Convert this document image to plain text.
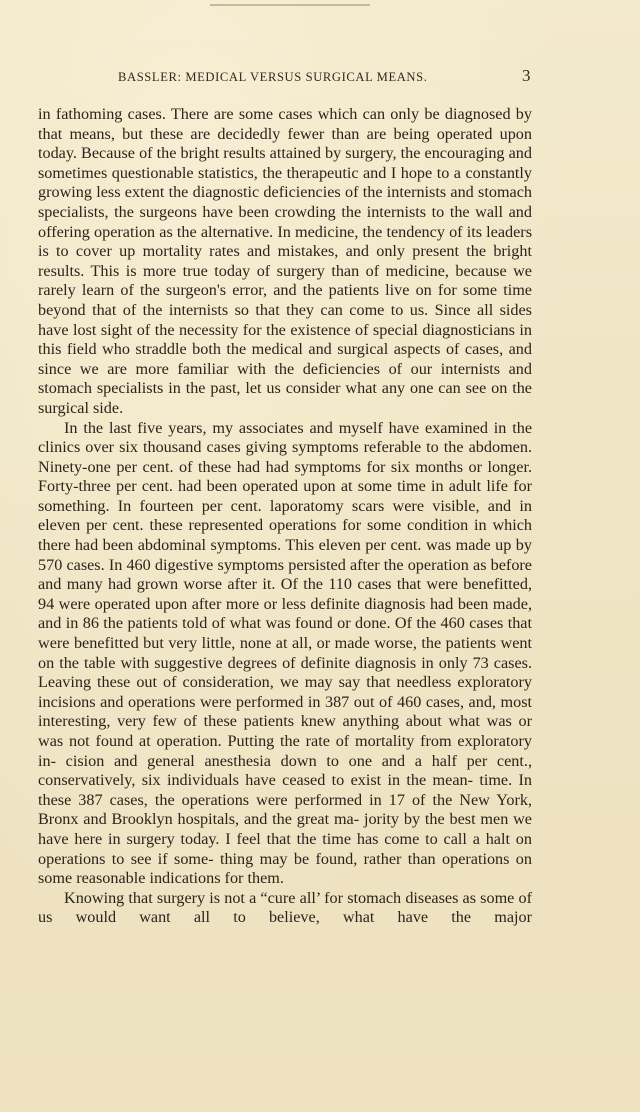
BASSLER: MEDICAL VERSUS SURGICAL MEANS.	3

in fathoming cases. There are some cases which can only be diagnosed by that means, but these are decidedly fewer than are being operated upon today. Because of the bright results attained by surgery, the encouraging and sometimes questionable statistics, the therapeutic and I hope to a constantly growing less extent the diagnostic deficiencies of the internists and stomach specialists, the surgeons have been crowding the internists to the wall and offering operation as the alternative. In medicine, the tendency of its leaders is to cover up mortality rates and mistakes, and only present the bright results. This is more true today of surgery than of medicine, because we rarely learn of the surgeon's error, and the patients live on for some time beyond that of the internists so that they can come to us. Since all sides have lost sight of the necessity for the existence of special diagnosticians in this field who straddle both the medical and surgical aspects of cases, and since we are more familiar with the deficiencies of our internists and stomach specialists in the past, let us consider what any one can see on the surgical side.

In the last five years, my associates and myself have examined in the clinics over six thousand cases giving symptoms referable to the abdomen. Ninety-one per cent. of these had had symptoms for six months or longer. Forty-three per cent. had been operated upon at some time in adult life for something. In fourteen per cent. laporatomy scars were visible, and in eleven per cent. these represented operations for some condition in which there had been abdominal symptoms. This eleven per cent. was made up by 570 cases. In 460 digestive symptoms persisted after the operation as before and many had grown worse after it. Of the 110 cases that were benefitted, 94 were operated upon after more or less definite diagnosis had been made, and in 86 the patients told of what was found or done. Of the 460 cases that were benefitted but very little, none at all, or made worse, the patients went on the table with suggestive degrees of definite diagnosis in only 73 cases. Leaving these out of consideration, we may say that needless exploratory incisions and operations were performed in 387 out of 460 cases, and, most interesting, very few of these patients knew anything about what was or was not found at operation. Putting the rate of mortality from exploratory in- cision and general anesthesia down to one and a half per cent., conservatively, six individuals have ceased to exist in the mean- time. In these 387 cases, the operations were performed in 17 of the New York, Bronx and Brooklyn hospitals, and the great ma- jority by the best men we have here in surgery today. I feel that the time has come to call a halt on operations to see if some- thing may be found, rather than operations on some reasonable indications for them.

Knowing that surgery is not a “cure all’ for stomach diseases as some of us would want all to believe, what have the major
